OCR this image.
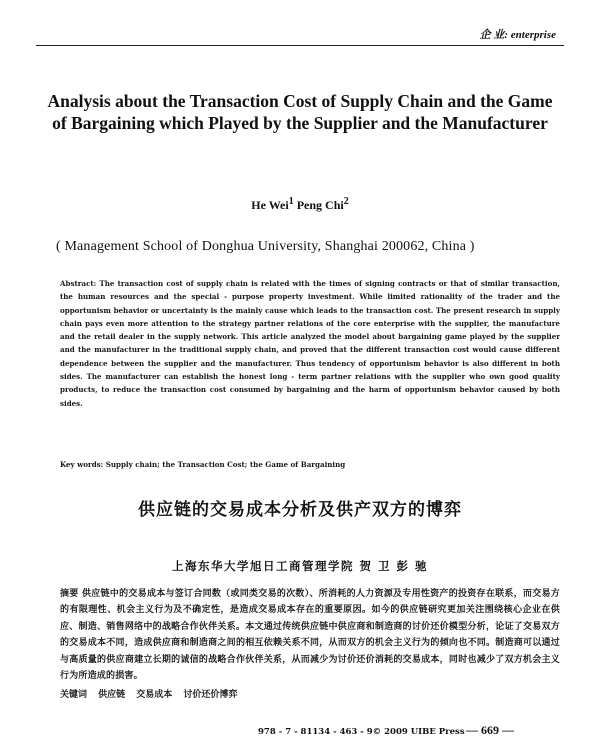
企 业: enterprise
Analysis about the Transaction Cost of Supply Chain and the Game of Bargaining which Played by the Supplier and the Manufacturer
He Wei$^1$ Peng Chi$^2$
( Management School of Donghua University, Shanghai 200062, China )
Abstract: The transaction cost of supply chain is related with the times of signing contracts or that of similar transaction, the human resources and the special - purpose property investment. While limited rationality of the trader and the opportunism behavior or uncertainty is the mainly cause which leads to the transaction cost. The present research in supply chain pays even more attention to the strategy partner relations of the core enterprise with the supplier, the manufacture and the retail dealer in the supply network. This article analyzed the model about bargaining game played by the supplier and the manufacturer in the traditional supply chain, and proved that the different transaction cost would cause different dependence between the supplier and the manufacturer. Thus tendency of opportunism behavior is also different in both sides. The manufacturer can establish the honest long - term partner relations with the supplier who own good quality products, to reduce the transaction cost consumed by bargaining and the harm of opportunism behavior caused by both sides.
Key words: Supply chain; the Transaction Cost; the Game of Bargaining
供应链的交易成本分析及供产双方的博弈
上海东华大学旭日工商管理学院 贺 卫 彭 驰
摘要 供应链中的交易成本与签订合同数（或同类交易的次数）、所消耗的人力资源及专用性资产的投资存在联系，而交易方的有限理性、机会主义行为及不确定性，是造成交易成本存在的重要原因。如今的供应链研究更加关注围绕核心企业在供应、制造、销售网络中的战略合作伙伴关系。本文通过传统供应链中供应商和制造商的讨价还价模型分析，论证了交易双方的交易成本不同，造成供应商和制造商之间的相互依赖关系不同，从而双方的机会主义行为的倾向也不同。制造商可以通过与高质量的供应商建立长期的诚信的战略合作伙伴关系，从而减少为讨价还价消耗的交易成本，同时也减少了双方机会主义行为所造成的损害。
关键词 供应链 交易成本 讨价还价博弈
978 - 7 - 81134 - 463 - 9© 2009 UIBE Press — 669 —
